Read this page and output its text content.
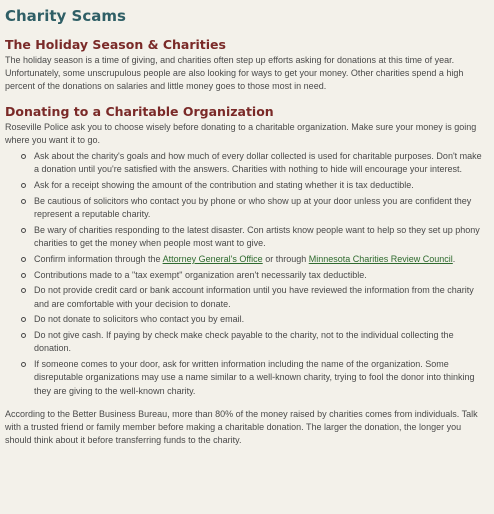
Charity Scams
The Holiday Season & Charities

The holiday season is a time of giving, and charities often step up efforts asking for donations at this time of year. Unfortunately, some unscrupulous people are also looking for ways to get your money. Other charities spend a high percent of the donations on salaries and little money goes to those most in need.

Donating to a Charitable Organization

Roseville Police ask you to choose wisely before donating to a charitable organization. Make sure your money is going where you want it to go.

Ask about the charity's goals and how much of every dollar collected is used for charitable purposes. Don't make a donation until you're satisfied with the answers. Charities with nothing to hide will encourage your interest.
Ask for a receipt showing the amount of the contribution and stating whether it is tax deductible.
Be cautious of solicitors who contact you by phone or who show up at your door unless you are confident they represent a reputable charity.
Be wary of charities responding to the latest disaster. Con artists know people want to help so they set up phony charities to get the money when people most want to give.
Confirm information through the Attorney General's Office or through Minnesota Charities Review Council.
Contributions made to a "tax exempt" organization aren't necessarily tax deductible.
Do not provide credit card or bank account information until you have reviewed the information from the charity and are comfortable with your decision to donate.
Do not donate to solicitors who contact you by email.
Do not give cash. If paying by check make check payable to the charity, not to the individual collecting the donation.
If someone comes to your door, ask for written information including the name of the organization. Some disreputable organizations may use a name similar to a well-known charity, trying to fool the donor into thinking they are giving to the well-known charity.

According to the Better Business Bureau, more than 80% of the money raised by charities comes from individuals. Talk with a trusted friend or family member before making a charitable donation. The larger the donation, the longer you should think about it before transferring funds to the charity.
